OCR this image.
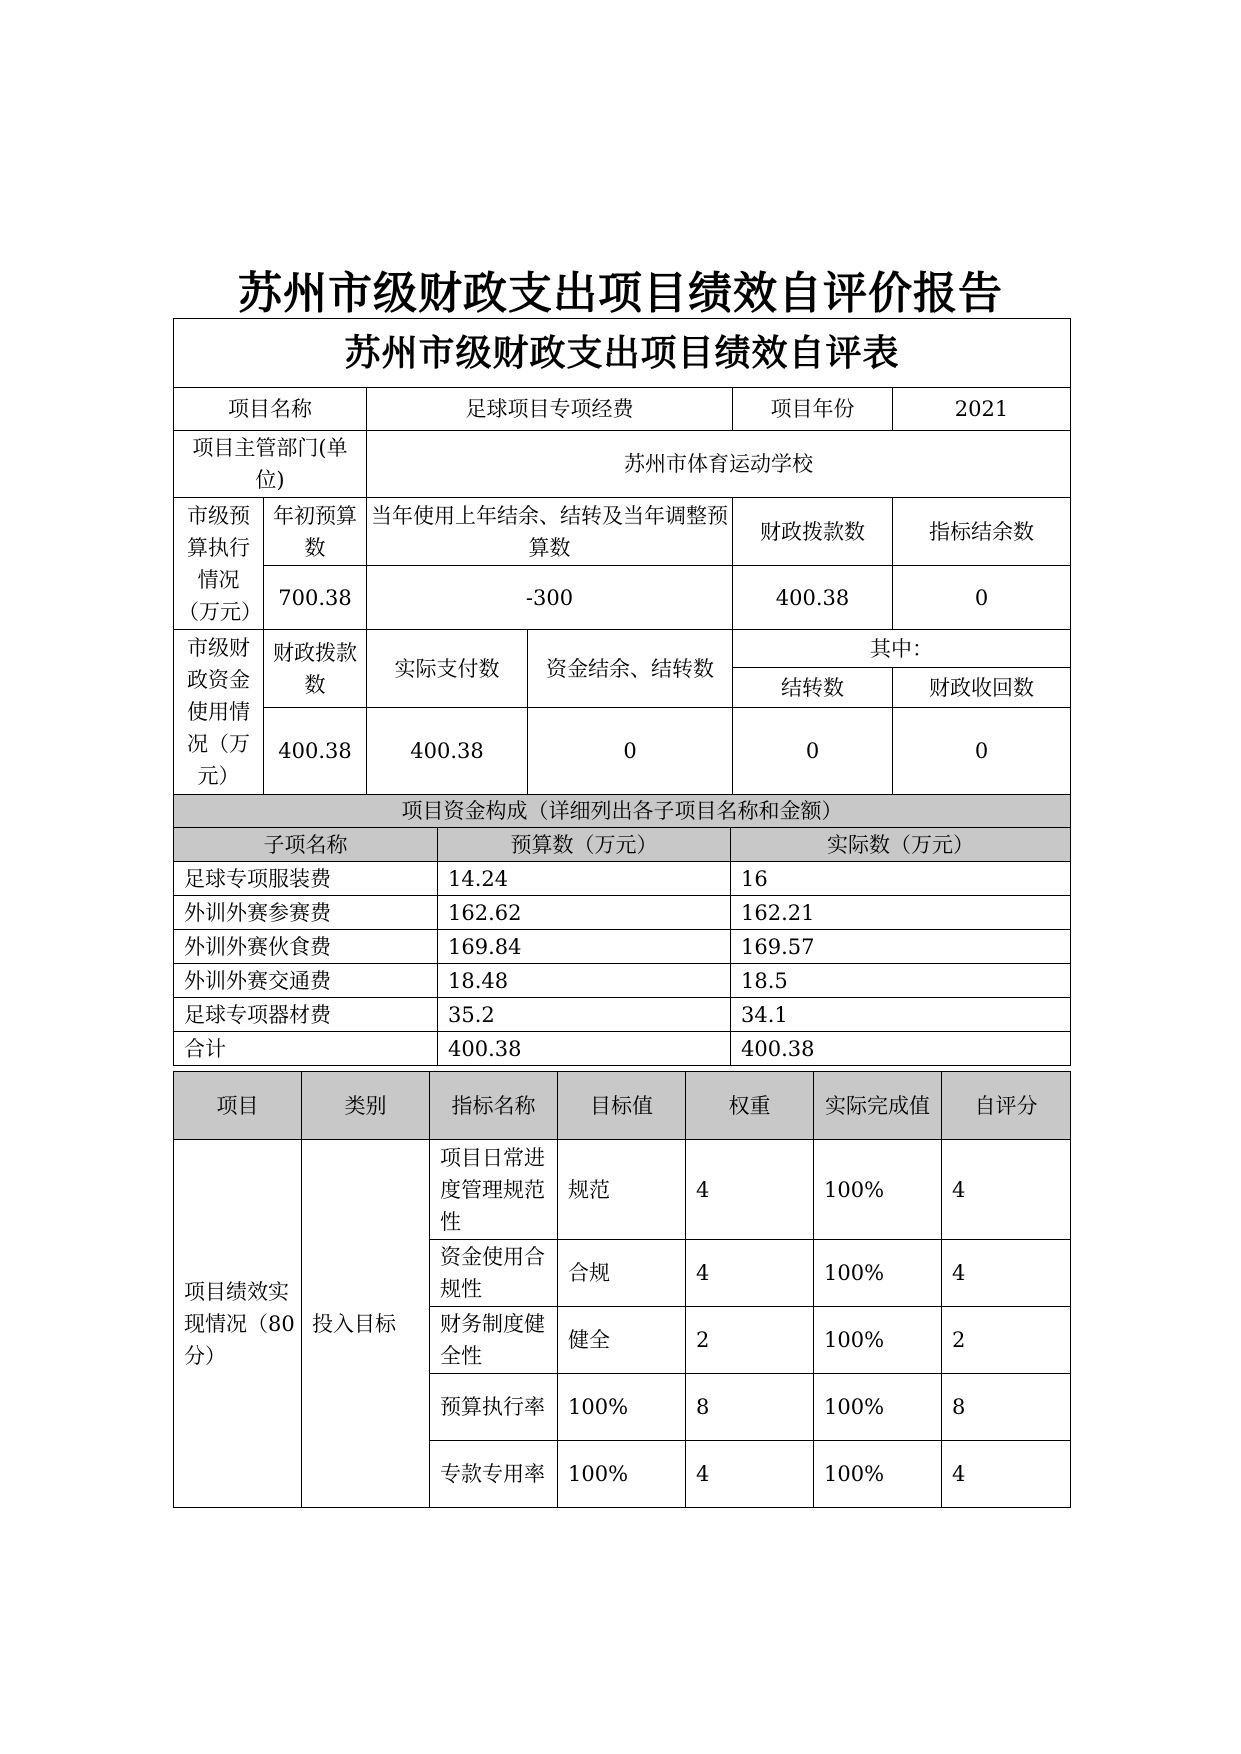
苏州市级财政支出项目绩效自评价报告
苏州市级财政支出项目绩效自评表					
项目名称		足球项目专项经费		项目年份	2021
项目主管部门(单位)		苏州市体育运动学校			
市级预算执行情况（万元）	年初预算数	当年使用上年结余、结转及当年调整预算数		财政拨款数	指标结余数
	700.38	-300		400.38	0
市级财政资金使用情况（万元）	财政拨款数	实际支付数	资金结余、结转数	其中：	
				结转数	财政收回数
	400.38	400.38	0	0	0
项目资金构成（详细列出各子项目名称和金额）		
子项名称	预算数（万元）	实际数（万元）
足球专项服装费	14.24	16
外训外赛参赛费	162.62	162.21
外训外赛伙食费	169.84	169.57
外训外赛交通费	18.48	18.5
足球专项器材费	35.2	34.1
合计	400.38	400.38
项目	类别	指标名称	目标值	权重	实际完成值	自评分
项目绩效实现情况（80分）	投入目标	项目日常进度管理规范性	规范	4	100%	4
		资金使用合规性	合规	4	100%	4
		财务制度健全性	健全	2	100%	2
		预算执行率	100%	8	100%	8
		专款专用率	100%	4	100%	4
